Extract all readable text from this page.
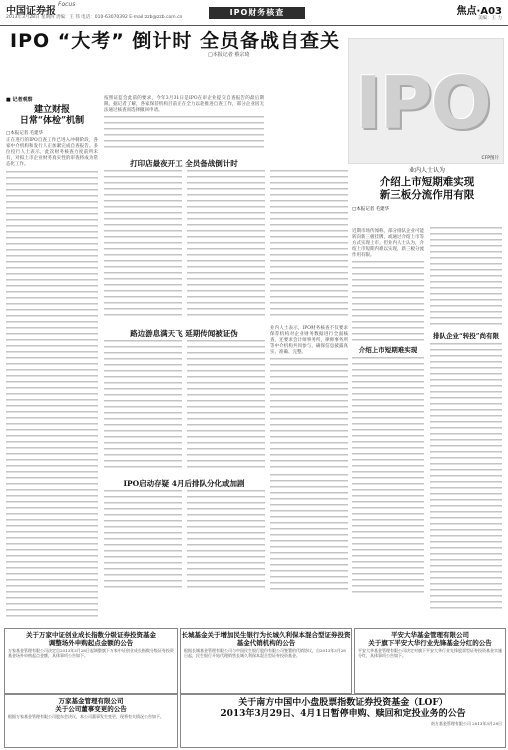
中国证券报
Focus
IPO财务核查	焦点·A03
2013年3月28日 星期四 责编：王 伟 电话：010-63070392 E-mail:zzb@zzb.com.cn	美编：王 力
IPO “大考” 倒计时 全员备战自查关
□本报记者 蔡宗琦
IPO
CFP图片
■ 记者观察
建立财报
日常“体检”机制
□本报记者 毛建华

正在进行的IPO自查工作已进入冲刺阶段，各家中介机构和发行人正加紧完成自查报告。多位投行人士表示，此次财务核查力度前所未有，对拟上市企业财务真实性的审查将成为常态化工作。

按照证监会此前的要求，今年3月31日是IPO在审企业提交自查报告的最后期限。据记者了解，各家保荐机构目前正在全力以赴推进自查工作，部分企业因无法通过核查而选择撤回申请。

打印店最夜开工 全员备战倒计时
路边游息满天飞 延期传闻被证伪

业内人士表示，IPO财务核查不仅要求保荐机构对企业财务数据进行全面核查，还要求会计师事务所、律师事务所等中介机构共同参与，确保信息披露真实、准确、完整。

IPO启动存疑 4月后排队分化或加剧
业内人士认为
介绍上市短期难实现
新三板分流作用有限
□本报记者 毛建华

近期市场传闻称，部分排队企业可能转向新三板挂牌，或通过介绍上市等方式实现上市。但业内人士认为，介绍上市短期内难以实现，新三板分流作用有限。

介绍上市短期难实现
排队企业“转投”尚有限
关于万家中证创业成长指数分级证券投资基金
调整场外申购起点金额的公告
万家基金管理有限公司决定自2013年3月28日起调整旗下万家中证创业成长指数分级证券投资基金场外申购起点金额，具体事项公告如下。
万家基金管理有限公司
关于公司董事变更的公告
根据万家基金管理有限公司股东会决议，本公司董事发生变更，现将有关情况公告如下。
长城基金关于增加民生银行为长城久利保本混合型证券投资基金代销机构的公告
根据长城基金管理有限公司与中国民生银行股份有限公司签署的代销协议，自2013年3月28日起，民生银行开始代理销售长城久利保本混合型证券投资基金。
平安大华基金管理有限公司
关于旗下平安大华行业先锋基金分红的公告
平安大华基金管理有限公司决定对旗下平安大华行业先锋股票型证券投资基金实施分红，具体事项公告如下。
关于南方中国中小盘股票指数证券投资基金（LOF）
2013年3月29日、4月1日暂停申购、赎回和定投业务的公告
南方基金管理有限公司 2013年3月28日
